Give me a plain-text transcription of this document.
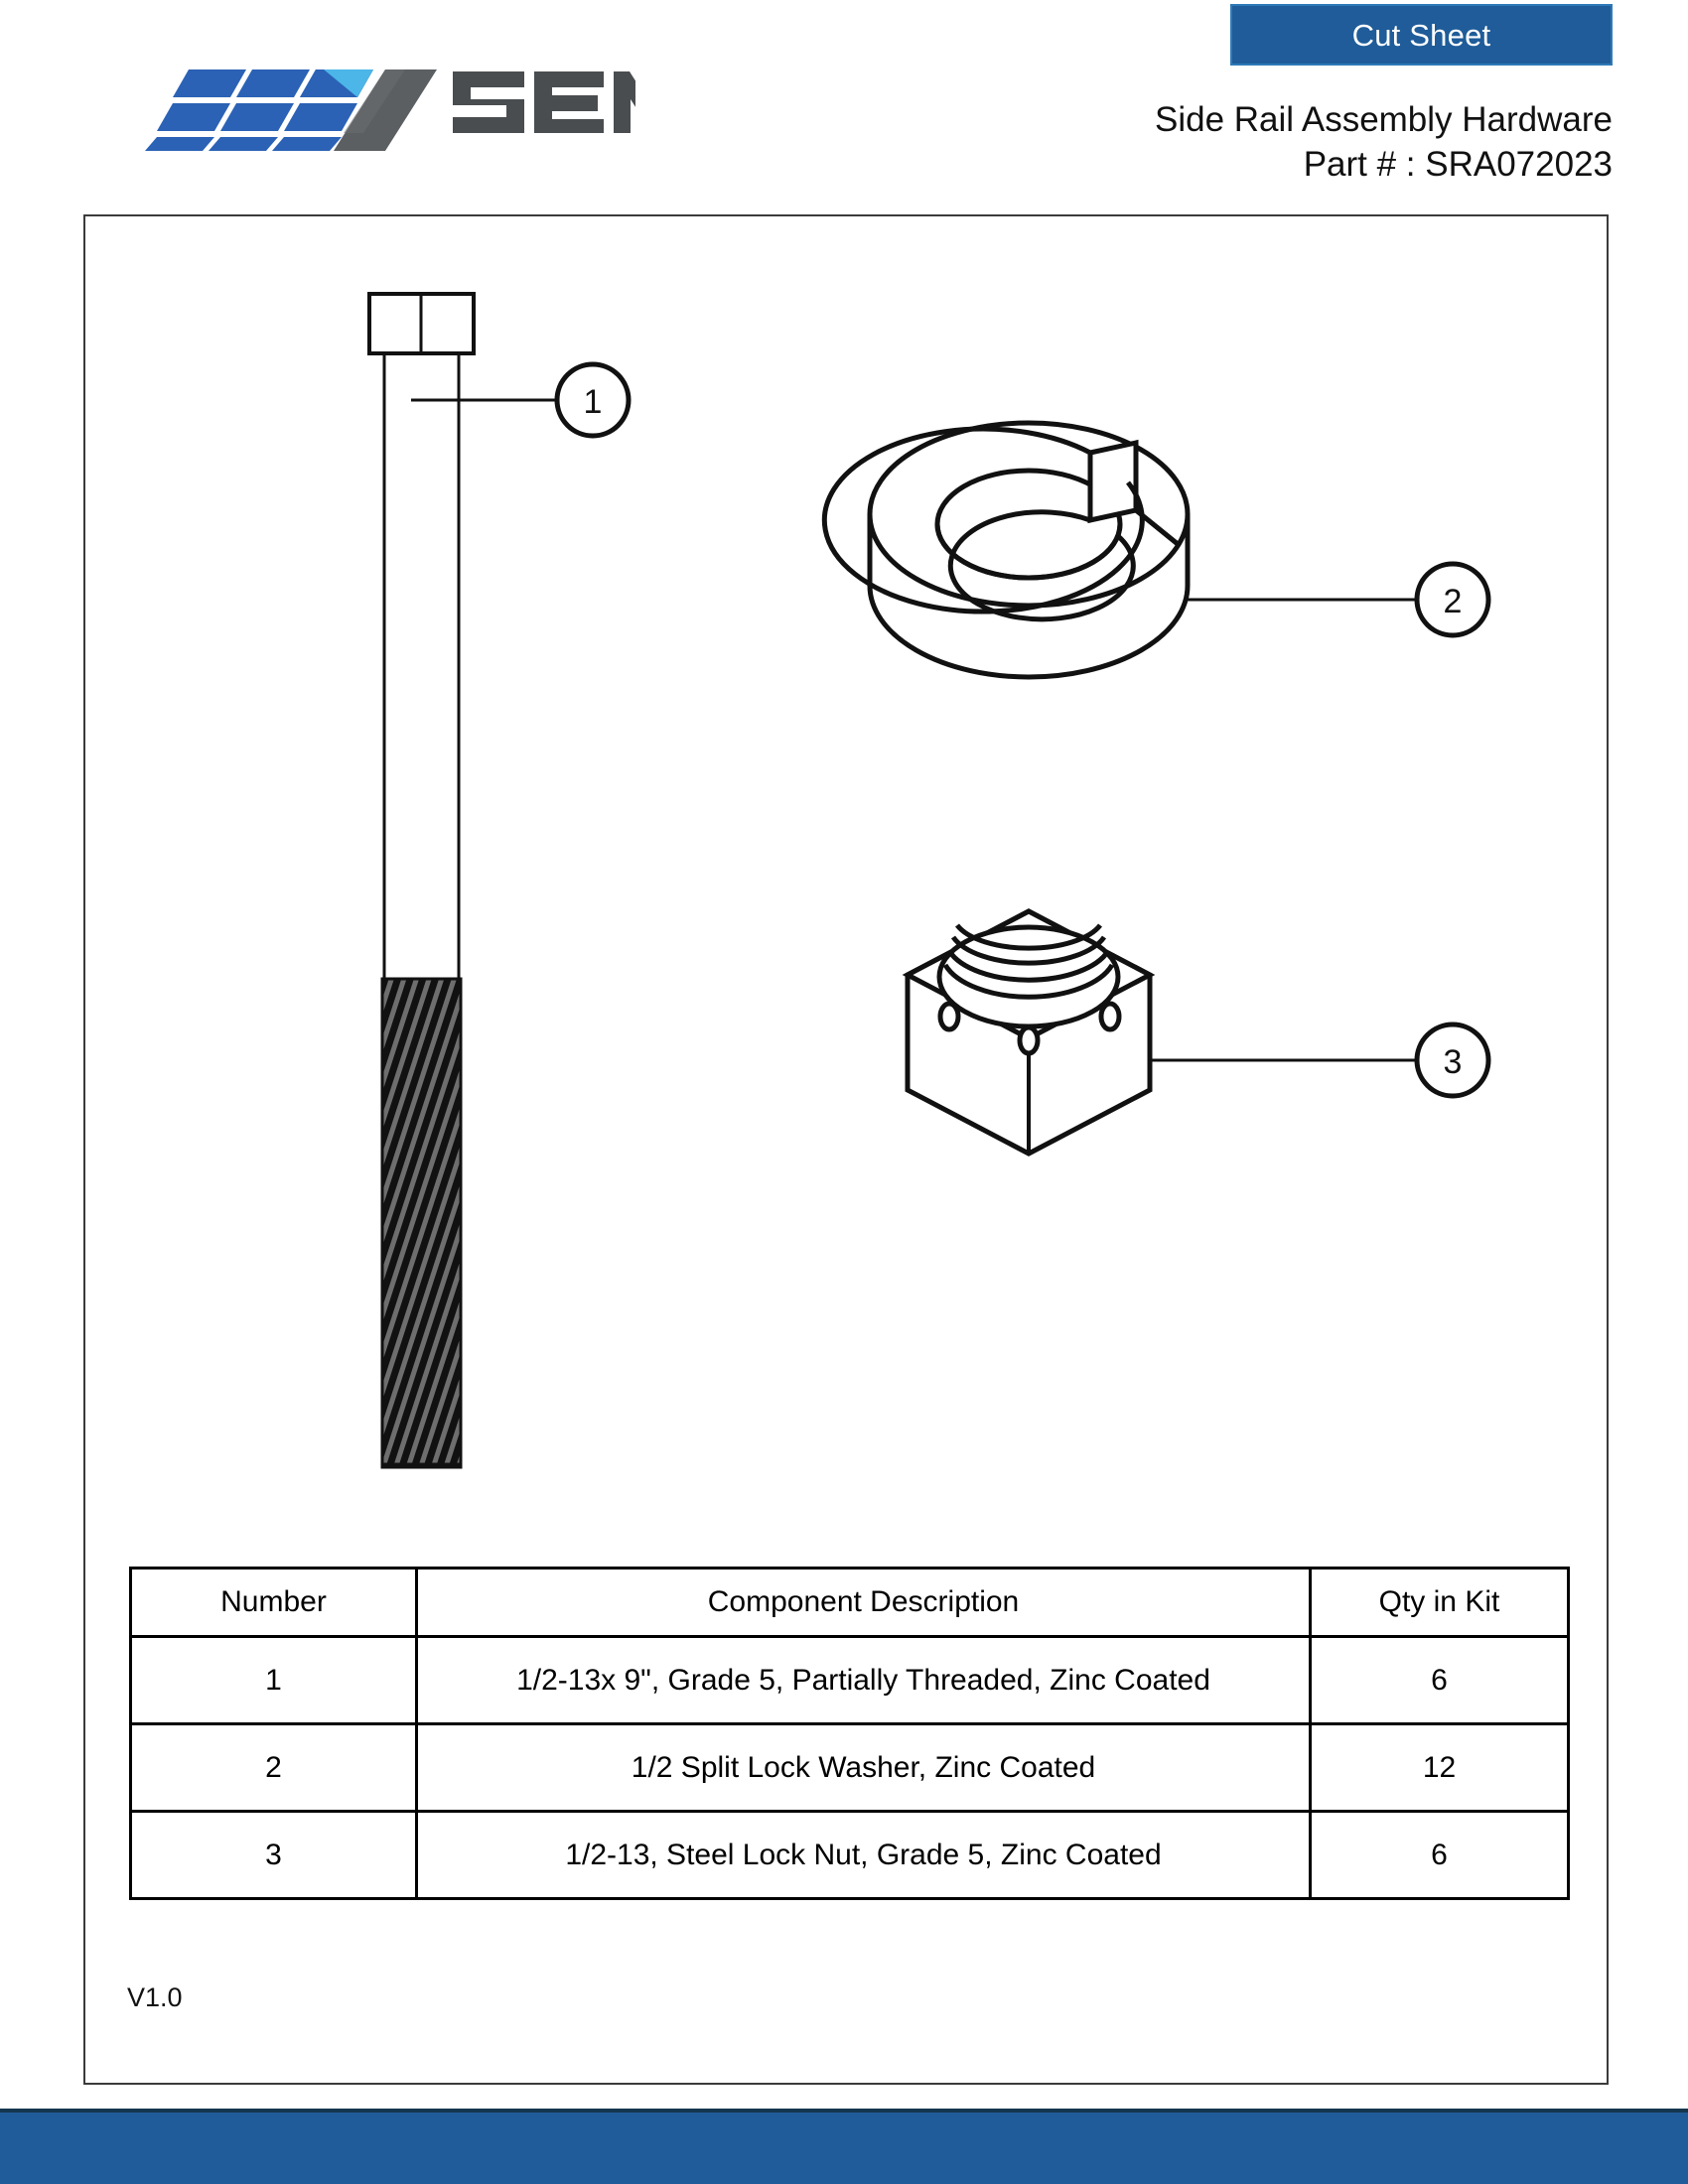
Cut Sheet
Side Rail Assembly Hardware
Part # : SRA072023
1
2
3
Number	Component Description	Qty in Kit
1	1/2-13x 9", Grade 5, Partially Threaded, Zinc Coated	6
2	1/2 Split Lock Washer, Zinc Coated	12
3	1/2-13, Steel Lock Nut, Grade 5, Zinc Coated	6
V1.0
